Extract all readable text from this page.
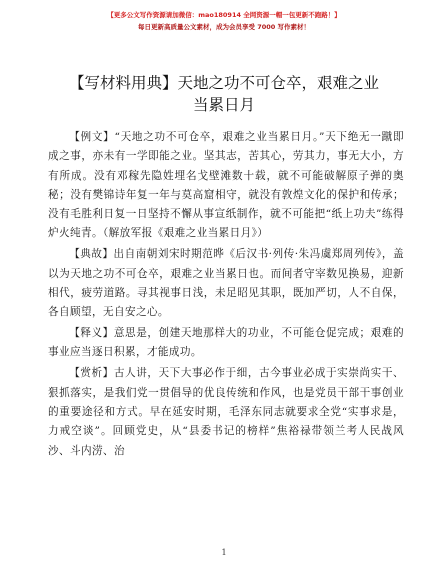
【更多公文写作资源请加微信：mao180914 全网资源一帽一包更新不跑路！】
每日更新高质量公文素材，成为会员享受 7000 写作素材！
【写材料用典】天地之功不可仓卒，艰难之业
当累日月

【例文】“天地之功不可仓卒，艰难之业当累日月。”天下绝无一蹴即成之事，亦未有一学即能之业。坚其志，苦其心，劳其力，事无大小，方有所成。没有邓稼先隐姓埋名戈壁滩数十载，就不可能破解原子弹的奥秘；没有樊锦诗年复一年与莫高窟相守，就没有敦煌文化的保护和传承；没有毛胜利日复一日坚持不懈从事宣纸制作，就不可能把“纸上功夫”练得炉火纯青。（解放军报《艰难之业当累日月》）

【典故】出自南朝刘宋时期范晔《后汉书·列传·朱冯虞郑周列传》，盖以为天地之功不可仓卒，艰难之业当累日也。而间者守宰数见换易，迎新相代，疲劳道路。寻其视事日浅，未足昭见其职，既加严切，人不自保，各自顾望，无自安之心。

【释义】意思是，创建天地那样大的功业，不可能仓促完成；艰难的事业应当逐日积累，才能成功。

【赏析】古人讲，天下大事必作于细，古今事业必成于实崇尚实干、狠抓落实，是我们党一贯倡导的优良传统和作风，也是党员干部干事创业的重要途径和方式。早在延安时期，毛泽东同志就要求全党“实事求是，力戒空谈”。回顾党史，从“县委书记的榜样”焦裕禄带领兰考人民战风沙、斗内涝、治

1
